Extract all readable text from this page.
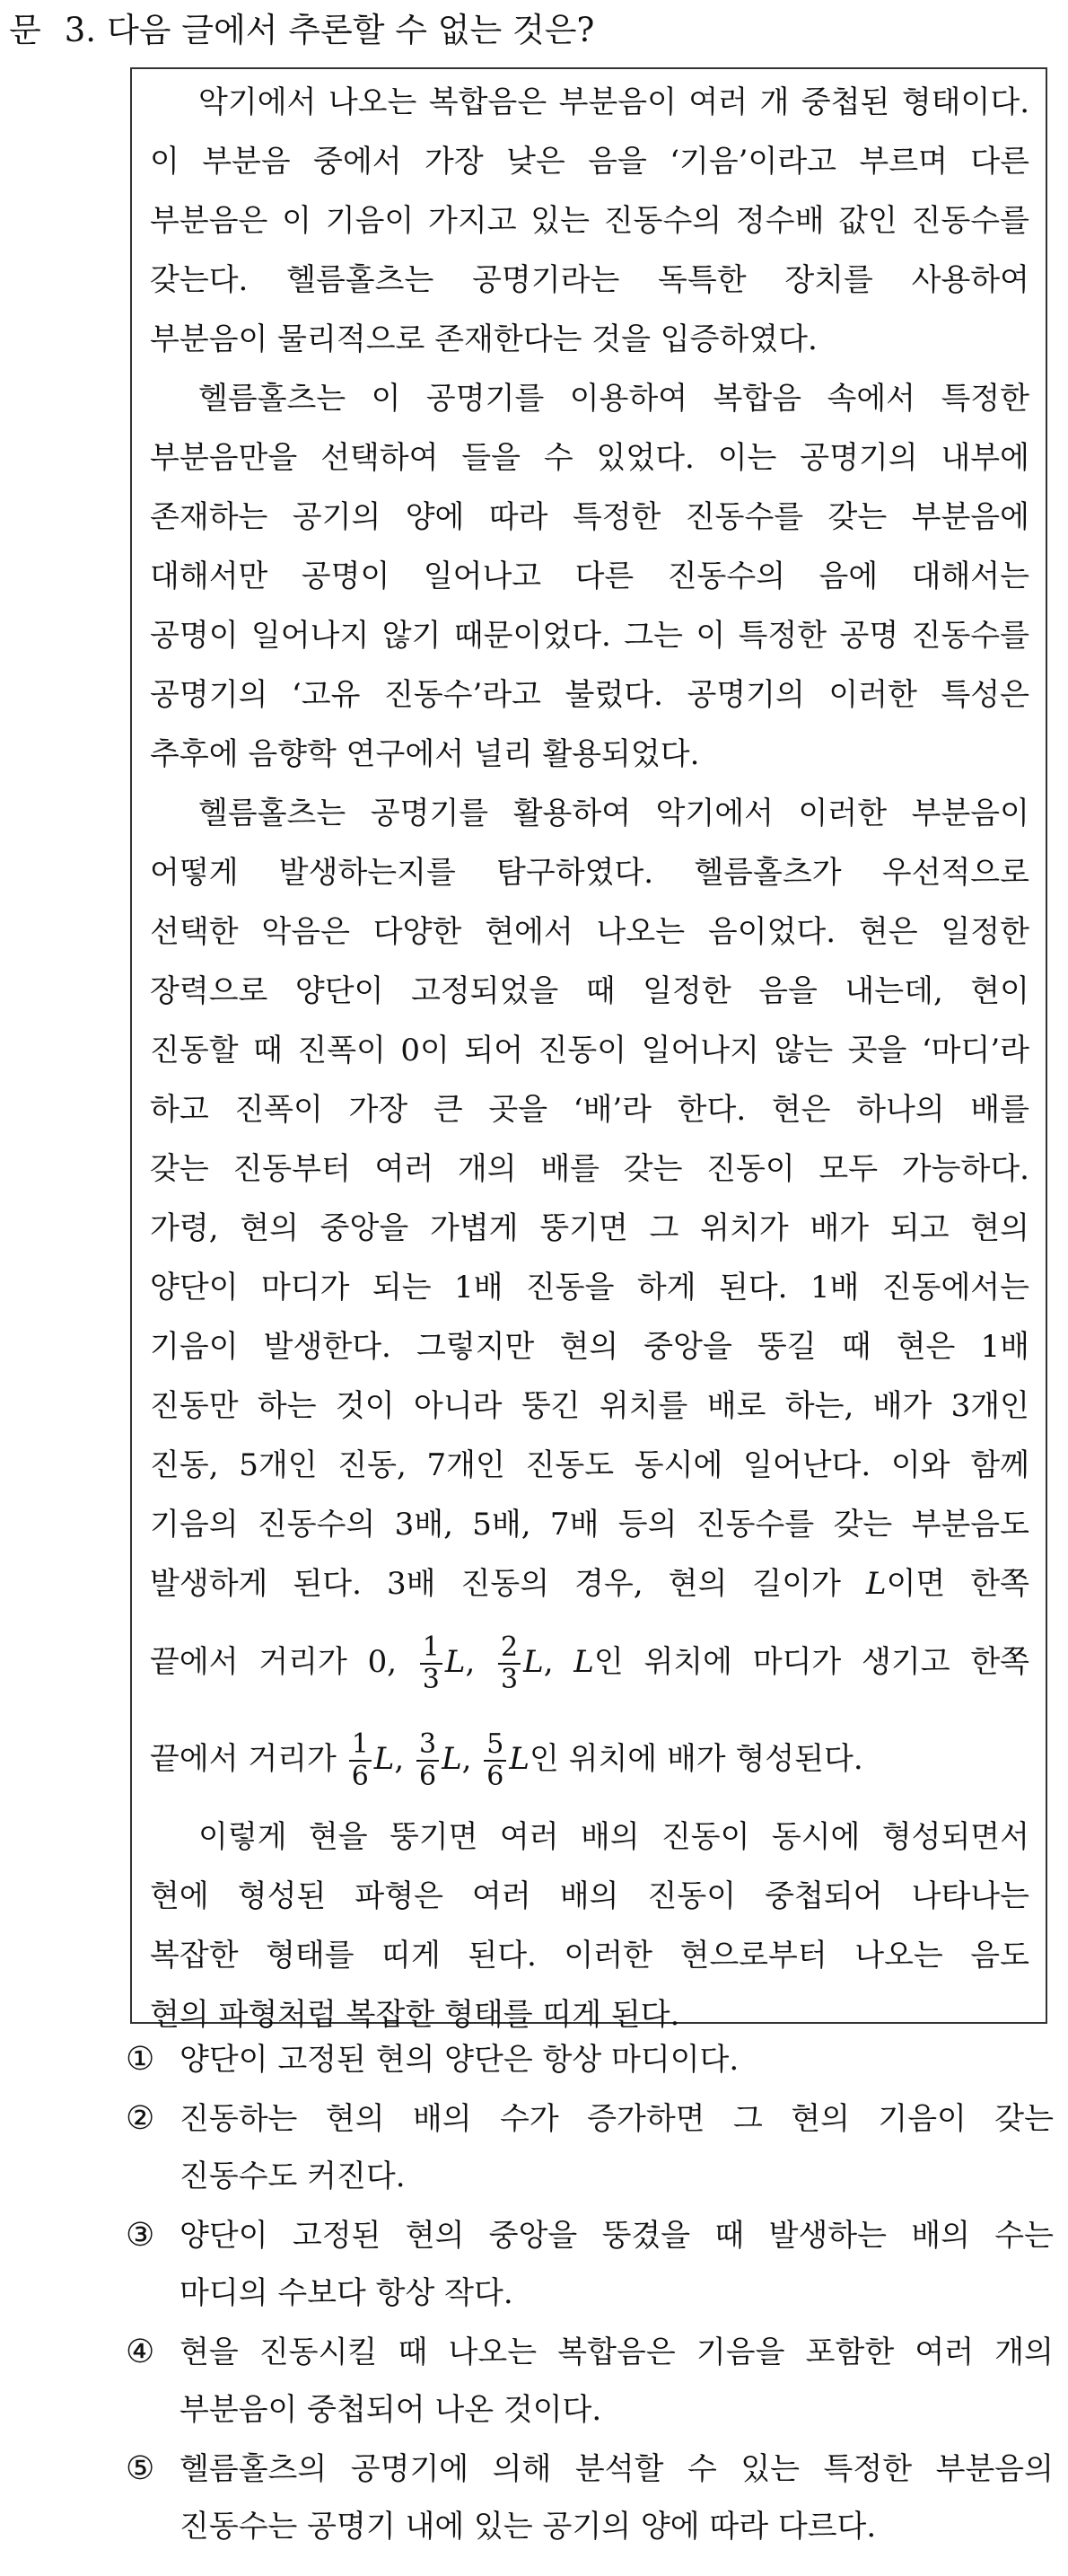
문 3. 다음 글에서 추론할 수 없는 것은?
악기에서 나오는 복합음은 부분음이 여러 개 중첩된 형태이다.
이 부분음 중에서 가장 낮은 음을 ‘기음’이라고 부르며 다른
부분음은 이 기음이 가지고 있는 진동수의 정수배 값인 진동수를
갖는다. 헬름홀츠는 공명기라는 독특한 장치를 사용하여
부분음이 물리적으로 존재한다는 것을 입증하였다.
헬름홀츠는 이 공명기를 이용하여 복합음 속에서 특정한
부분음만을 선택하여 들을 수 있었다. 이는 공명기의 내부에
존재하는 공기의 양에 따라 특정한 진동수를 갖는 부분음에
대해서만 공명이 일어나고 다른 진동수의 음에 대해서는
공명이 일어나지 않기 때문이었다. 그는 이 특정한 공명 진동수를
공명기의 ‘고유 진동수’라고 불렀다. 공명기의 이러한 특성은
추후에 음향학 연구에서 널리 활용되었다.
헬름홀츠는 공명기를 활용하여 악기에서 이러한 부분음이
어떻게 발생하는지를 탐구하였다. 헬름홀츠가 우선적으로
선택한 악음은 다양한 현에서 나오는 음이었다. 현은 일정한
장력으로 양단이 고정되었을 때 일정한 음을 내는데, 현이
진동할 때 진폭이 0이 되어 진동이 일어나지 않는 곳을 ‘마디’라
하고 진폭이 가장 큰 곳을 ‘배’라 한다. 현은 하나의 배를
갖는 진동부터 여러 개의 배를 갖는 진동이 모두 가능하다.
가령, 현의 중앙을 가볍게 뚱기면 그 위치가 배가 되고 현의
양단이 마디가 되는 1배 진동을 하게 된다. 1배 진동에서는
기음이 발생한다. 그렇지만 현의 중앙을 뚱길 때 현은 1배
진동만 하는 것이 아니라 뚱긴 위치를 배로 하는, 배가 3개인
진동, 5개인 진동, 7개인 진동도 동시에 일어난다. 이와 함께
기음의 진동수의 3배, 5배, 7배 등의 진동수를 갖는 부분음도
발생하게 된다. 3배 진동의 경우, 현의 길이가 L이면 한쪽
끝에서 거리가 0, $\frac{1}{3} L$, $\frac{2}{3} L$, L인 위치에 마디가 생기고 한쪽
끝에서 거리가 $\frac{1}{6} L$, $\frac{3}{6} L$, $\frac{5}{6}$ L인 위치에 배가 형성된다.
이렇게 현을 뚱기면 여러 배의 진동이 동시에 형성되면서
현에 형성된 파형은 여러 배의 진동이 중첩되어 나타나는
복잡한 형태를 띠게 된다. 이러한 현으로부터 나오는 음도
현의 파형처럼 복잡한 형태를 띠게 된다.
① 양단이 고정된 현의 양단은 항상 마디이다.
② 진동하는 현의 배의 수가 증가하면 그 현의 기음이 갖는
진동수도 커진다.
③ 양단이 고정된 현의 중앙을 뚱겼을 때 발생하는 배의 수는
마디의 수보다 항상 작다.
④ 현을 진동시킬 때 나오는 복합음은 기음을 포함한 여러 개의
부분음이 중첩되어 나온 것이다.
⑤ 헬름홀츠의 공명기에 의해 분석할 수 있는 특정한 부분음의
진동수는 공명기 내에 있는 공기의 양에 따라 다르다.
